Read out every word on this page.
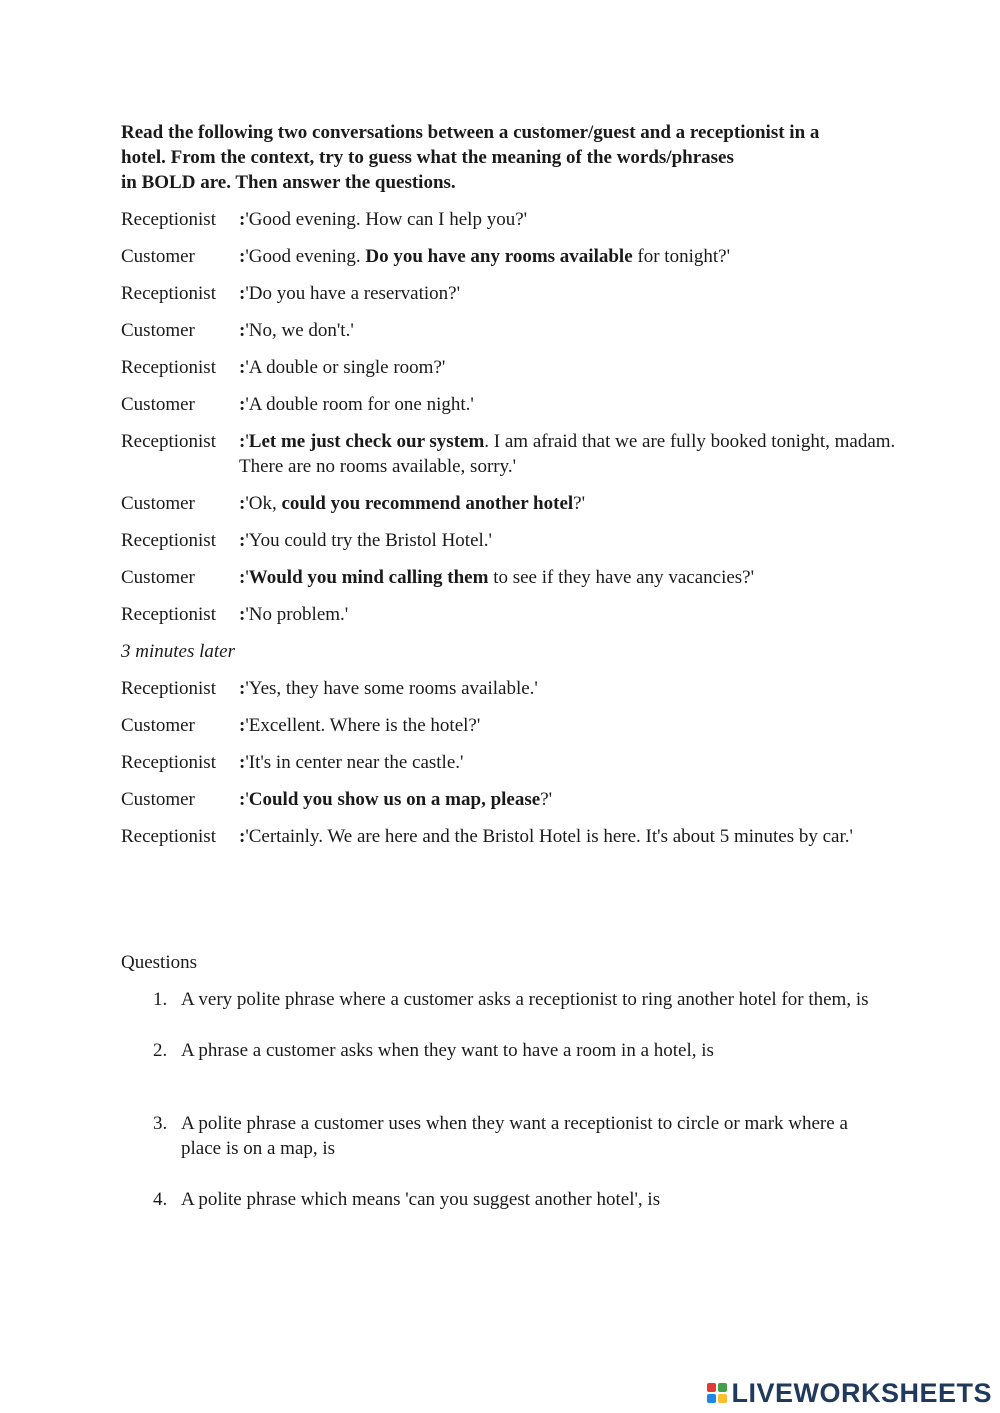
Read the following two conversations between a customer/guest and a receptionist in a
hotel. From the context, try to guess what the meaning of the words/phrases
in BOLD are. Then answer the questions.
Receptionist	:'Good evening. How can I help you?'
Customer	:'Good evening. Do you have any rooms available for tonight?'
Receptionist	:'Do you have a reservation?'
Customer	:'No, we don't.'
Receptionist	:'A double or single room?'
Customer	:'A double room for one night.'
Receptionist	:'Let me just check our system. I am afraid that we are fully booked tonight, madam. There are no rooms available, sorry.'
Customer	:'Ok, could you recommend another hotel?'
Receptionist	:'You could try the Bristol Hotel.'
Customer	:'Would you mind calling them to see if they have any vacancies?'
Receptionist	:'No problem.'
3 minutes later
Receptionist	:'Yes, they have some rooms available.'
Customer	:'Excellent. Where is the hotel?'
Receptionist	:'It's in center near the castle.'
Customer	:'Could you show us on a map, please?'
Receptionist	:'Certainly. We are here and the Bristol Hotel is here. It's about 5 minutes by car.'
Questions
1. A very polite phrase where a customer asks a receptionist to ring another hotel for them, is
2. A phrase a customer asks when they want to have a room in a hotel, is
3. A polite phrase a customer uses when they want a receptionist to circle or mark where a place is on a map, is
4. A polite phrase which means 'can you suggest another hotel', is
LIVEWORKSHEETS
